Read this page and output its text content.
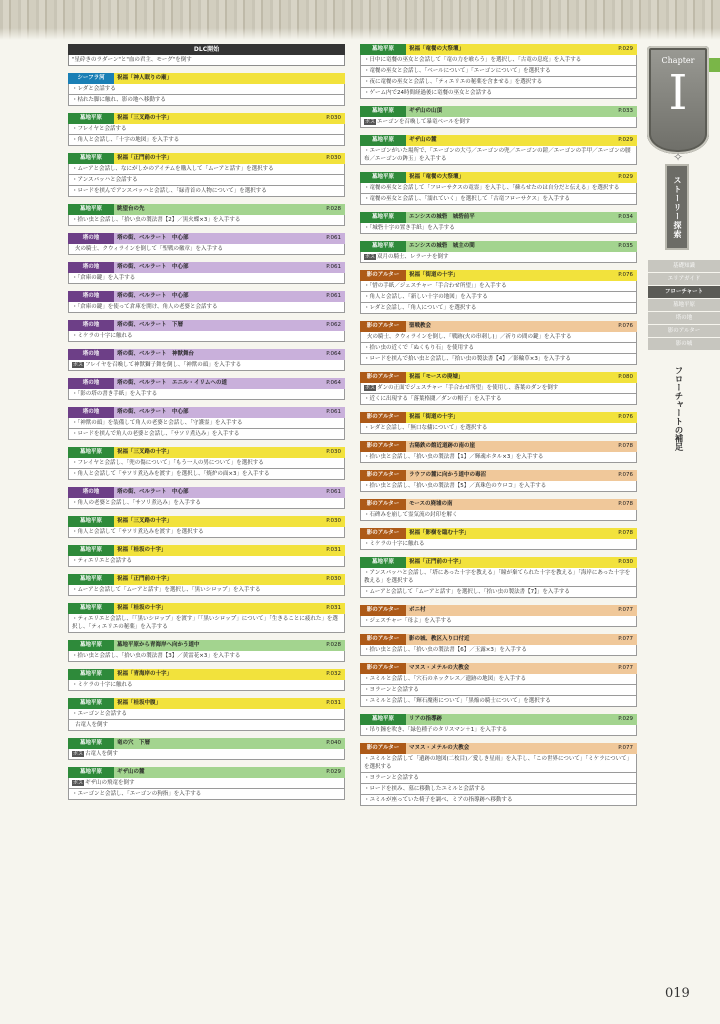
DLC開始
"星砕きのラダーン"と"血の君主、モーグ"を倒す
シーフラ河	祝福「神人眠りの廟」
・レダと会話する
・枯れた脚に触れ、影の地へ移動する
墓地平原	祝福「三叉路の十字」	P.030
・フレイヤと会話する
・角人と会話し、「十字の地図」を入手する
墓地平原	祝福「正門前の十字」	P.030
・ムーアと会話し、なにがしかのアイテムを購入して「ムーアと話す」を選択する
・アンスバッハと会話する
・ロードを挟んでアンスバッハと会話し、「緑青首の人物について」を選択する
墓地平原	眺望台の先	P.028
・拾い虫と会話し、「拾い虫の製法書【2】／黒火蝶×3」を入手する
塔の地	塔の街、ベルラート　中心部	P.061
火の騎士、クウィラインを倒して「聖戦の徽章」を入手する
塔の地	塔の街、ベルラート　中心部	P.061
・「倉庫の鍵」を入手する
塔の地	塔の街、ベルラート　中心部	P.061
・「倉庫の鍵」を使って倉庫を開け、角人の老婆と会話する
塔の地	塔の街、ベルラート　下層	P.062
・ミケラの十字に触れる
塔の地	塔の街、ベルラート　神獣舞台	P.064
ボス フレイヤを召喚して神獣獅子舞を倒し、「神獣の頭」を入手する
塔の地	塔の街、ベルラート　エニル・イリムへの道	P.064
・「影の塔の書き手紙」を入手する
塔の地	塔の街、ベルラート　中心部	P.061
・「神獣の頭」を装備して角人の老婆と会話し、「守護霊」を入手する
・ロードを挟んで角人の老婆と会話し、「サソリ煮込み」を入手する
墓地平原	祝福「三叉路の十字」	P.030
・フレイヤと会話し、「兜の傷について」「もう一人の男について」を選択する
・角人と会話して「サソリ煮込みを渡す」を選択し、「焼炉の面×3」を入手する
塔の地	塔の街、ベルラート　中心部	P.061
・角人の老婆と会話し、「サソリ煮込み」を入手する
墓地平原	祝福「三叉路の十字」	P.030
・角人と会話して「サソリ煮込みを渡す」を選択する
墓地平原	祝福「桂坂の十字」	P.031
・ティエリエと会話する
墓地平原	祝福「正門前の十字」	P.030
・ムーアと会話して「ムーアと話す」を選択し、「黒いシロップ」を入手する
墓地平原	祝福「桂坂の十字」	P.031
・ティエリエと会話し、「「黒いシロップ」を渡す」「「黒いシロップ」について」「生きることに疲れた」を選択し、「ティエリエの秘薬」を入手する
墓地平原	墓地平原から青海岸へ向かう道中	P.028
・拾い虫と会話し、「拾い虫の製法書【3】／黄雷花×3」を入手する
墓地平原	祝福「青海岸の十字」	P.032
・ミケラの十字に触れる
墓地平原	祝福「桂坂中腹」	P.031
・エーゴンと会話する
古竜人を倒す
墓地平原	竜の穴　下層	P.040
ボス 古竜人を倒す
墓地平原	ギザ山の麓	P.029
ボス ギザ山の飛竜を倒す
・エーゴンと会話し、「エーゴンの狗指」を入手する
墓地平原	祝福「竜餐の大祭壇」	P.029
・日中に竜餐の巫女と会話して「竜の力を喰らう」を選択し、「古竜の息庭」を入手する
・竜餐の巫女と会話し、「ベールについて」「エーゴンについて」を選択する
・夜に竜餐の巫女と会話し、「ティエリエの秘薬を含ませる」を選択する
・ゲーム内で24時間経過後に竜餐の巫女と会話する
墓地平原	ギザ山の山頂	P.033
ボス エーゴンを召喚して暴竜ベールを倒す
墓地平原	ギザ山の麓	P.029
・エーゴンがいた場所で、「エーゴンの大弓／エーゴンの兜／エーゴンの鎧／エーゴンの手甲／エーゴンの腰布／エーゴンの鉾玉」を入手する
墓地平原	祝福「竜餐の大祭壇」	P.029
・竜餐の巫女と会話して「フローサクスの竜霊」を入手し、「蘇らせたのは自分だと伝える」を選択する
・竜餐の巫女と会話し、「濡れていく」を選択して「古竜フローサクス」を入手する
墓地平原	エンシスの城砦　城砦前平	P.034
・「城砦十字の置き手紙」を入手する
墓地平原	エンシスの城砦　城主の間	P.035
ボス 双月の騎士、レラーナを倒す
影のアルター	祝福「街道の十字」	P.076
・「惜の手紙／ジェスチャー「手合わせ所望」」を入手する
・角人と会話し、「新しい十字の地図」を入手する
・レダと会話し、「角人について」を選択する
影のアルター	聖戦教会	P.076
火の騎士、クウィラインを倒し、「戦跡(火の串刺し)」／祈りの間の鍵」を入手する
・拾い虫の近くで「ぬくもり石」を使用する
・ロードを挟んで拾い虫と会話し、「拾い虫の製法書【4】／影輪草×3」を入手する
影のアルター	祝福「モースの廃墟」	P.080
ボス ダンの正面でジェスチャー「手合わせ所望」を使用し、落葉のダンを倒す
・近くに出現する「落葉格闘／ダンの帽子」を入手する
影のアルター	祝福「街道の十字」	P.076
・レダと会話し、「無口な傭について」を選択する
影のアルター	古陽鉄の館近道跡の南の崖	P.078
・拾い虫と会話し、「拾い虫の製法書【1】／輝魂ホタル×3」を入手する
影のアルター	ラウフの麓に向かう道中の毒沼	P.076
・拾い虫と会話し、「拾い虫の製法書【5】／真珠色のウロコ」を入手する
影のアルター	モースの廃墟の南	P.078
・石碑みを崩して霊気流の封印を解く
影のアルター	祝福「影樹を臨む十字」	P.078
・ミケラの十字に触れる
墓地平原	祝福「正門前の十字」	P.030
・アンスバッハと会話し、「塔にあった十字を教える」「瞳が棄てられた十字を教える」「海岸にあった十字を教える」を選択する
・ムーアと会話して「ムーアと話す」を選択し、「拾い虫の製法書【7】」を入手する
影のアルター	ボニ村	P.077
・ジェスチャー「母よ」を入手する
影のアルター	影の城、教区入り口付近	P.077
・拾い虫と会話し、「拾い虫の製法書【6】／玉露×3」を入手する
影のアルター	マヌス・メテルの大教会	P.077
・ユミルと会話し、「穴石のネックレス／遺跡の地図」を入手する
・ヨラーンと会話する
・ユミルと会話し、「輝石魔術について」「黒焔の騎士について」を選択する
墓地平原	リアの指導跡	P.029
・吊り鐘を吹き、「緑色種子のタリスマン＋1」を入手する
影のアルター	マヌス・メテルの大教会	P.077
・ユミルと会話して「遺跡の地図(二枚目)／愛しき星雨」を入手し、「この世界について」「ミケラについて」を選択する
・ヨラーンと会話する
・ロードを挟み、墓に移動したユミルと会話する
・ユミルが座っていた椅子を調べ、ミアの指導跡へ移動する
Chapter
I
✧
ストーリー探索
基礎知識
エリアガイド
フローチャート
墓地平原
塔の地
影のアルター
影の城
フローチャートの補足
019
